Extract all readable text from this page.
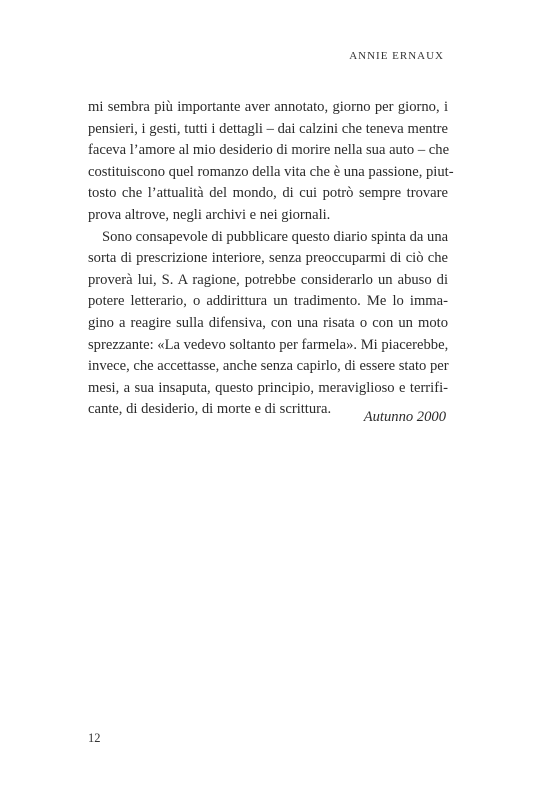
ANNIE ERNAUX

mi sembra più importante aver annotato, giorno per giorno, i
pensieri, i gesti, tutti i dettagli – dai calzini che teneva mentre
faceva l’amore al mio desiderio di morire nella sua auto – che
costituiscono quel romanzo della vita che è una passione, piut-
tosto che l’attualità del mondo, di cui potrò sempre trovare
prova altrove, negli archivi e nei giornali.

Sono consapevole di pubblicare questo diario spinta da una
sorta di prescrizione interiore, senza preoccuparmi di ciò che
proverà lui, S. A ragione, potrebbe considerarlo un abuso di
potere letterario, o addirittura un tradimento. Me lo imma-
gino a reagire sulla difensiva, con una risata o con un moto
sprezzante: «La vedevo soltanto per farmela». Mi piacerebbe,
invece, che accettasse, anche senza capirlo, di essere stato per
mesi, a sua insaputa, questo principio, meraviglioso e terrifi-
cante, di desiderio, di morte e di scrittura.	Autunno 2000
12
